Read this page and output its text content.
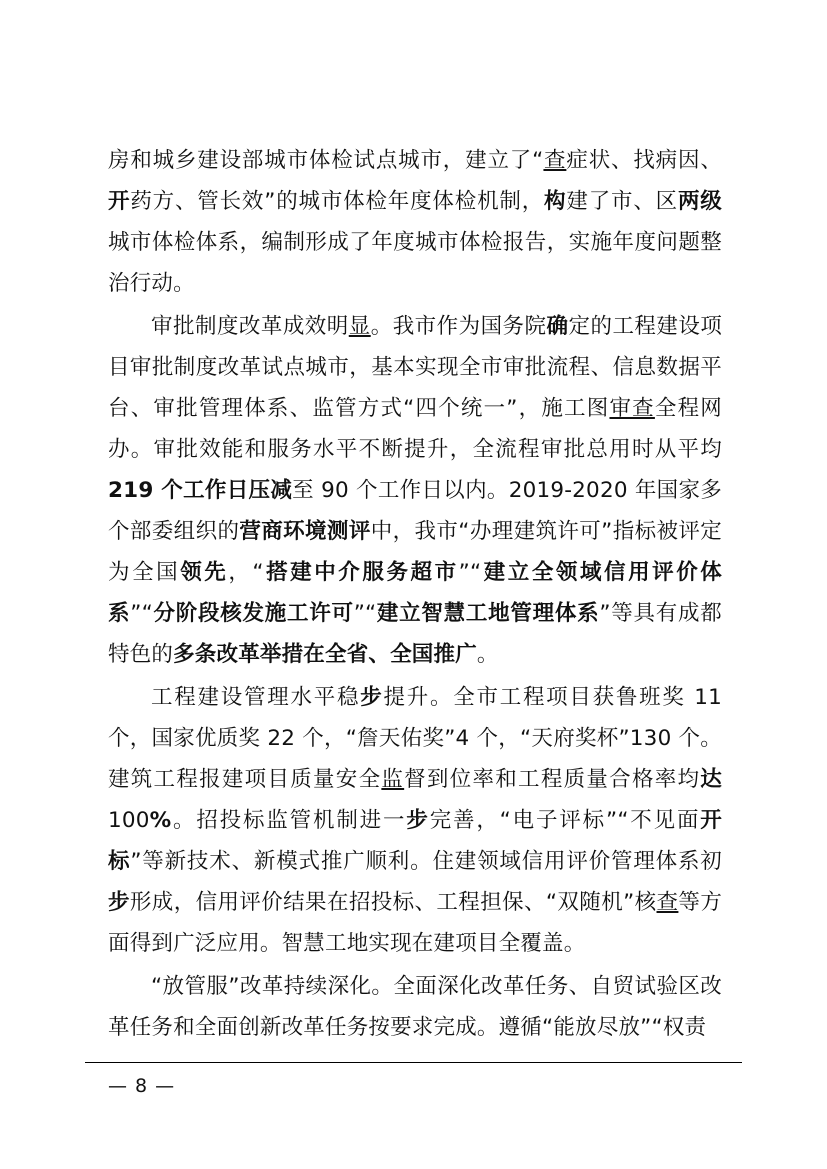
房和城乡建设部城市体检试点城市，建立了“查症状、找病因、开药方、管长效”的城市体检年度体检机制，构建了市、区两级城市体检体系，编制形成了年度城市体检报告，实施年度问题整治行动。

审批制度改革成效明显。我市作为国务院确定的工程建设项目审批制度改革试点城市，基本实现全市审批流程、信息数据平台、审批管理体系、监管方式“四个统一”，施工图审查全程网办。审批效能和服务水平不断提升，全流程审批总用时从平均 219 个工作日压减至 90 个工作日以内。2019-2020 年国家多个部委组织的营商环境测评中，我市“办理建筑许可”指标被评定为全国领先，“搭建中介服务超市”“建立全领域信用评价体系”“分阶段核发施工许可”“建立智慧工地管理体系”等具有成都特色的多条改革举措在全省、全国推广。

工程建设管理水平稳步提升。全市工程项目获鲁班奖 11 个，国家优质奖 22 个，“詹天佑奖”4 个，“天府奖杯”130 个。建筑工程报建项目质量安全监督到位率和工程质量合格率均达 100%。招投标监管机制进一步完善，“电子评标”“不见面开标”等新技术、新模式推广顺利。住建领域信用评价管理体系初步形成，信用评价结果在招投标、工程担保、“双随机”核查等方面得到广泛应用。智慧工地实现在建项目全覆盖。

“放管服”改革持续深化。全面深化改革任务、自贸试验区改革任务和全面创新改革任务按要求完成。遵循“能放尽放”“权责

— 8 —
